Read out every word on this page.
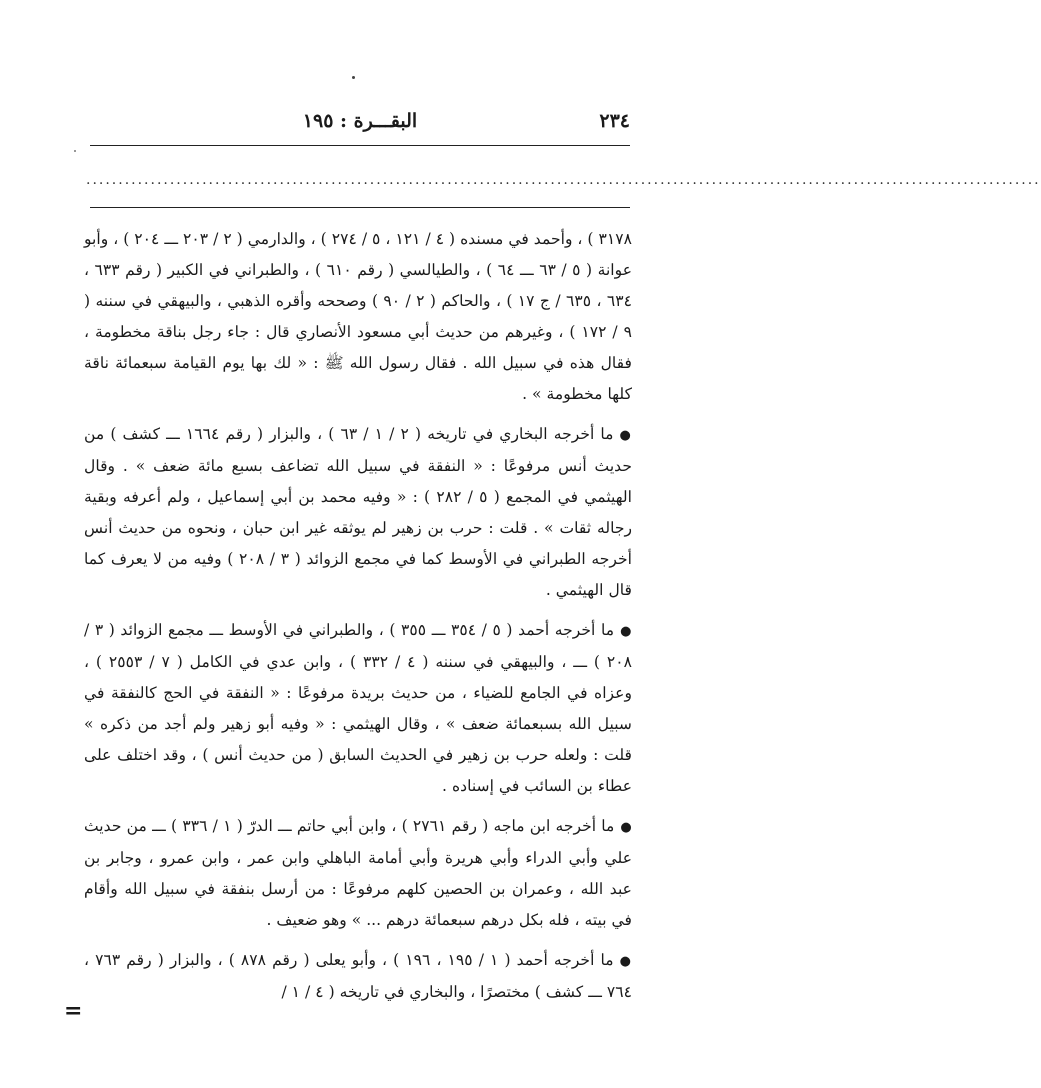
٢٣٤
البقـــرة : ١٩٥
....................................................................................................................................................

٣١٧٨ ) ، وأحمد في مسنده ( ٤ / ١٢١ ، ٥ / ٢٧٤ ) ، والدارمي ( ٢ / ٢٠٣ ـــ ٢٠٤ ) ، وأبو عوانة ( ٥ / ٦٣ ـــ ٦٤ ) ، والطيالسي ( رقم ٦١٠ ) ، والطبراني في الكبير ( رقم ٦٣٣ ، ٦٣٤ ، ٦٣٥ / ج ١٧ ) ، والحاكم ( ٢ / ٩٠ ) وصححه وأقره الذهبي ، والبيهقي في سننه ( ٩ / ١٧٢ ) ، وغيرهم من حديث أبي مسعود الأنصاري قال : جاء رجل بناقة مخطومة ، فقال هذه في سبيل الله . فقال رسول الله ﷺ : « لك بها يوم القيامة سبعمائة ناقة كلها مخطومة » .

● ما أخرجه البخاري في تاريخه ( ٢ / ١ / ٦٣ ) ، والبزار ( رقم ١٦٦٤ ـــ كشف ) من حديث أنس مرفوعًا : « النفقة في سبيل الله تضاعف بسبع مائة ضعف » . وقال الهيثمي في المجمع ( ٥ / ٢٨٢ ) : « وفيه محمد بن أبي إسماعيل ، ولم أعرفه وبقية رجاله ثقات » . قلت : حرب بن زهير لم يوثقه غير ابن حبان ، ونحوه من حديث أنس أخرجه الطبراني في الأوسط كما في مجمع الزوائد ( ٣ / ٢٠٨ ) وفيه من لا يعرف كما قال الهيثمي .

● ما أخرجه أحمد ( ٥ / ٣٥٤ ـــ ٣٥٥ ) ، والطبراني في الأوسط ـــ مجمع الزوائد ( ٣ / ٢٠٨ ) ـــ ، والبيهقي في سننه ( ٤ / ٣٣٢ ) ، وابن عدي في الكامل ( ٧ / ٢٥٥٣ ) ، وعزاه في الجامع للضياء ، من حديث بريدة مرفوعًا : « النفقة في الحج كالنفقة في سبيل الله بسبعمائة ضعف » ، وقال الهيثمي : « وفيه أبو زهير ولم أجد من ذكره » قلت : ولعله حرب بن زهير في الحديث السابق ( من حديث أنس ) ، وقد اختلف على عطاء بن السائب في إسناده .

● ما أخرجه ابن ماجه ( رقم ٢٧٦١ ) ، وابن أبي حاتم ـــ الدرّ ( ١ / ٣٣٦ ) ـــ من حديث علي وأبي الدراء وأبي هريرة وأبي أمامة الباهلي وابن عمر ، وابن عمرو ، وجابر بن عبد الله ، وعمران بن الحصين كلهم مرفوعًا : من أرسل بنفقة في سبيل الله وأقام في بيته ، فله بكل درهم سبعمائة درهم ... » وهو ضعيف .

● ما أخرجه أحمد ( ١ / ١٩٥ ، ١٩٦ ) ، وأبو يعلى ( رقم ٨٧٨ ) ، والبزار ( رقم ٧٦٣ ، ٧٦٤ ـــ كشف ) مختصرًا ، والبخاري في تاريخه ( ٤ / ١ /

=
